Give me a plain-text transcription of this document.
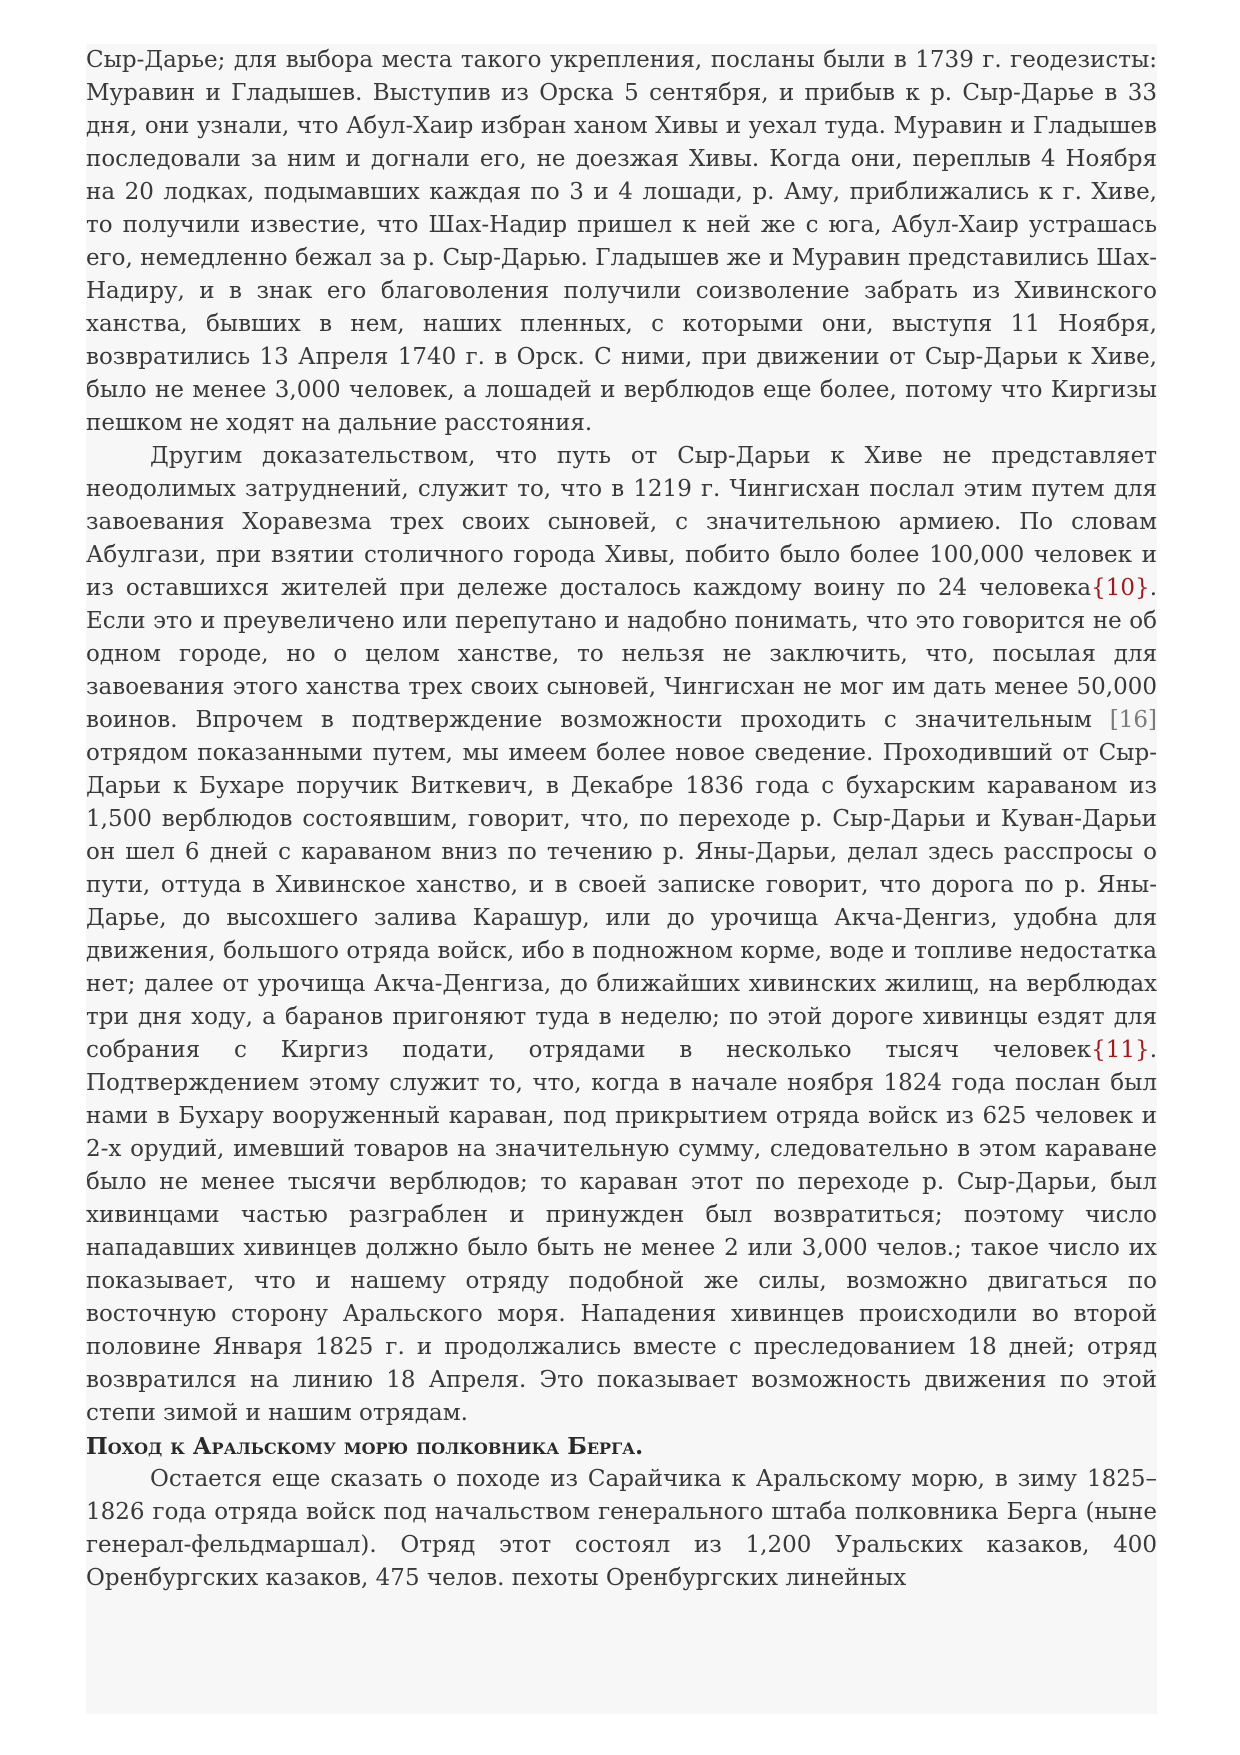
Сыр-Дарье; для выбора места такого укрепления, посланы были в 1739 г. геодезисты: Муравин и Гладышев. Выступив из Орска 5 сентября, и прибыв к р. Сыр-Дарье в 33 дня, они узнали, что Абул-Хаир избран ханом Хивы и уехал туда. Муравин и Гладышев последовали за ним и догнали его, не доезжая Хивы. Когда они, переплыв 4 Ноября на 20 лодках, подымавших каждая по 3 и 4 лошади, р. Аму, приближались к г. Хиве, то получили известие, что Шах-Надир пришел к ней же с юга, Абул-Хаир устрашась его, немедленно бежал за р. Сыр-Дарью. Гладышев же и Муравин представились Шах-Надиру, и в знак его благоволения получили соизволение забрать из Хивинского ханства, бывших в нем, наших пленных, с которыми они, выступя 11 Ноября, возвратились 13 Апреля 1740 г. в Орск. С ними, при движении от Сыр-Дарьи к Хиве, было не менее 3,000 человек, а лошадей и верблюдов еще более, потому что Киргизы пешком не ходят на дальние расстояния.

Другим доказательством, что путь от Сыр-Дарьи к Хиве не представляет неодолимых затруднений, служит то, что в 1219 г. Чингисхан послал этим путем для завоевания Хоравезма трех своих сыновей, с значительною армиею. По словам Абулгази, при взятии столичного города Хивы, побито было более 100,000 человек и из оставшихся жителей при дележе досталось каждому воину по 24 человека{10}. Если это и преувеличено или перепутано и надобно понимать, что это говорится не об одном городе, но о целом ханстве, то нельзя не заключить, что, посылая для завоевания этого ханства трех своих сыновей, Чингисхан не мог им дать менее 50,000 воинов. Впрочем в подтверждение возможности проходить с значительным [16] отрядом показанными путем, мы имеем более новое сведение. Проходивший от Сыр-Дарьи к Бухаре поручик Виткевич, в Декабре 1836 года с бухарским караваном из 1,500 верблюдов состоявшим, говорит, что, по переходе р. Сыр-Дарьи и Куван-Дарьи он шел 6 дней с караваном вниз по течению р. Яны-Дарьи, делал здесь расспросы о пути, оттуда в Хивинское ханство, и в своей записке говорит, что дорога по р. Яны-Дарье, до высохшего залива Карашур, или до урочища Акча-Денгиз, удобна для движения, большого отряда войск, ибо в подножном корме, воде и топливе недостатка нет; далее от урочища Акча-Денгиза, до ближайших хивинских жилищ, на верблюдах три дня ходу, а баранов пригоняют туда в неделю; по этой дороге хивинцы ездят для собрания с Киргиз подати, отрядами в несколько тысяч человек{11}. Подтверждением этому служит то, что, когда в начале ноября 1824 года послан был нами в Бухару вооруженный караван, под прикрытием отряда войск из 625 человек и 2-х орудий, имевший товаров на значительную сумму, следовательно в этом караване было не менее тысячи верблюдов; то караван этот по переходе р. Сыр-Дарьи, был хивинцами частью разграблен и принужден был возвратиться; поэтому число нападавших хивинцев должно было быть не менее 2 или 3,000 челов.; такое число их показывает, что и нашему отряду подобной же силы, возможно двигаться по восточную сторону Аральского моря. Нападения хивинцев происходили во второй половине Января 1825 г. и продолжались вместе с преследованием 18 дней; отряд возвратился на линию 18 Апреля. Это показывает возможность движения по этой степи зимой и нашим отрядам.

Поход к Аральскому морю полковника Берга.

Остается еще сказать о походе из Сарайчика к Аральскому морю, в зиму 1825–1826 года отряда войск под начальством генерального штаба полковника Берга (ныне генерал-фельдмаршал). Отряд этот состоял из 1,200 Уральских казаков, 400 Оренбургских казаков, 475 челов. пехоты Оренбургских линейных
